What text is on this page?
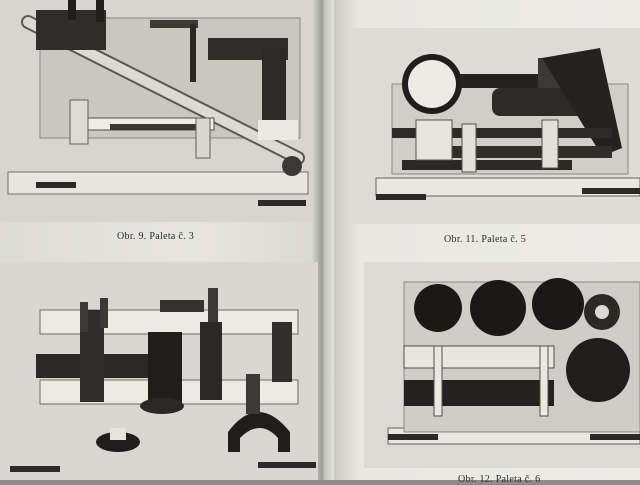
Obr. 9. Paleta č. 3	Obr. 11. Paleta č. 5
Obr. 12. Paleta č. 6
